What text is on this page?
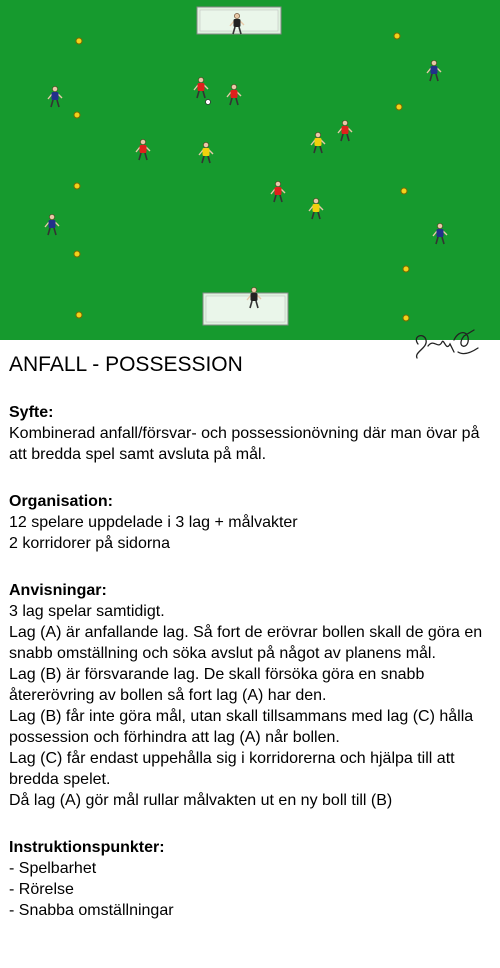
ANFALL - POSSESSION
Syfte:
Kombinerad anfall/försvar- och possessionövning där man övar på att bredda spel samt avsluta på mål.
Organisation:
12 spelare uppdelade i 3 lag + målvakter
2 korridorer på sidorna
Anvisningar:
3 lag spelar samtidigt.
Lag (A) är anfallande lag. Så fort de erövrar bollen skall de göra en snabb omställning och söka avslut på något av planens mål.
Lag (B) är försvarande lag. De skall försöka göra en snabb återerövring av bollen så fort lag (A) har den.
Lag (B) får inte göra mål, utan skall tillsammans med lag (C) hålla possession och förhindra att lag (A) når bollen.
Lag (C) får endast uppehålla sig i korridorerna och hjälpa till att bredda spelet.
Då lag (A) gör mål rullar målvakten ut en ny boll till (B)
Instruktionspunkter:
- Spelbarhet
- Rörelse
- Snabba omställningar
